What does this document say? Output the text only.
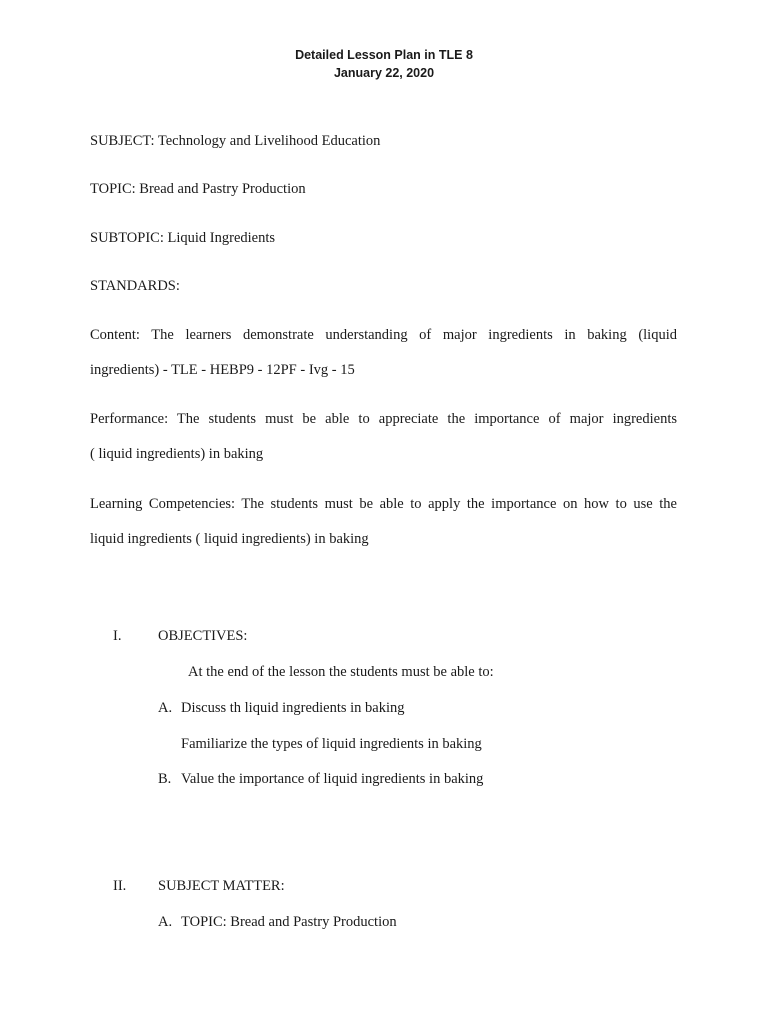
Detailed Lesson Plan in TLE 8
January 22, 2020
SUBJECT: Technology and Livelihood Education
TOPIC: Bread and Pastry Production
SUBTOPIC: Liquid Ingredients
STANDARDS:
Content: The learners demonstrate understanding of major ingredients in baking (liquid
ingredients) - TLE - HEBP9 - 12PF - Ivg - 15
Performance: The students must be able to appreciate the importance of major ingredients
( liquid ingredients) in baking
Learning Competencies: The students must be able to apply the importance on how to use the
liquid ingredients ( liquid ingredients) in baking
I.	OBJECTIVES:
At the end of the lesson the students must be able to:
A. Discuss th liquid ingredients in baking
Familiarize the types of liquid ingredients in baking
B. Value the importance of liquid ingredients in baking
II. SUBJECT MATTER:
A. TOPIC: Bread and Pastry Production
